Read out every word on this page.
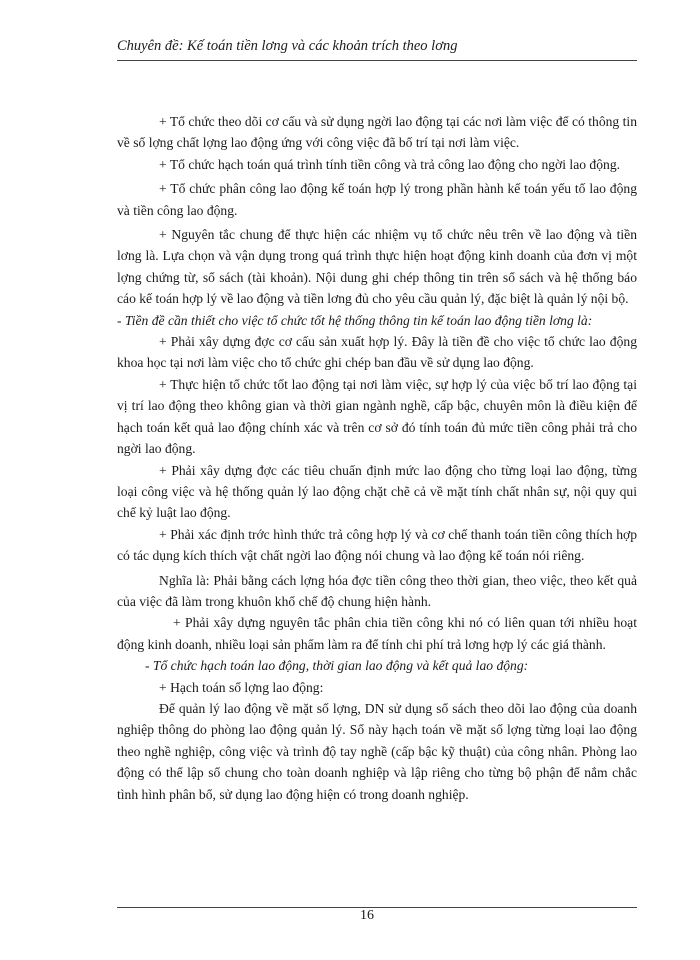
Chuyên đề: Kế toán tiền lơng và các khoản trích theo lơng

+ Tổ chức theo dõi cơ cấu và sử dụng ngời lao động tại các nơi làm việc để có thông tin về số lợng chất lợng lao động ứng với công việc đã bố trí tại nơi làm việc.

+ Tổ chức hạch toán quá trình tính tiền công và trả công lao động cho ngời lao động.

+ Tổ chức phân công lao động kế toán hợp lý trong phần hành kế toán yếu tố lao động và tiền công lao động.

+ Nguyên tắc chung để thực hiện các nhiệm vụ tổ chức nêu trên về lao động và tiền lơng là. Lựa chọn và vận dụng trong quá trình thực hiện hoạt động kinh doanh của đơn vị một lợng chứng từ, sổ sách (tài khoản). Nội dung ghi chép thông tin trên sổ sách và hệ thống báo cáo kế toán hợp lý về lao động và tiền lơng đủ cho yêu cầu quản lý, đặc biệt là quản lý nội bộ.

- Tiền đề cần thiết cho việc tổ chức tốt hệ thống thông tin kế toán lao động tiền lơng là:

+ Phải xây dựng đợc cơ cấu sản xuất hợp lý. Đây là tiền đề cho việc tổ chức lao động khoa học tại nơi làm việc cho tổ chức ghi chép ban đầu về sử dụng lao động.

+ Thực hiện tổ chức tốt lao động tại nơi làm việc, sự hợp lý của việc bố trí lao động tại vị trí lao động theo không gian và thời gian ngành nghề, cấp bậc, chuyên môn là điều kiện để hạch toán kết quả lao động chính xác và trên cơ sở đó tính toán đủ mức tiền công phải trả cho ngời lao động.

+ Phải xây dựng đợc các tiêu chuẩn định mức lao động cho từng loại lao động, từng loại công việc và hệ thống quản lý lao động chặt chẽ cả về mặt tính chất nhân sự, nội quy qui chế kỷ luật lao động.

+ Phải xác định trớc hình thức trả công hợp lý và cơ chế thanh toán tiền công thích hợp có tác dụng kích thích vật chất ngời lao động nói chung và lao động kế toán nói riêng.

Nghĩa là: Phải bằng cách lợng hóa đợc tiền công theo thời gian, theo việc, theo kết quả của việc đã làm trong khuôn khổ chế độ chung hiện hành.

+ Phải xây dựng nguyên tắc phân chia tiền công khi nó có liên quan tới nhiều hoạt động kinh doanh, nhiều loại sản phẩm làm ra để tính chi phí trả lơng hợp lý các giá thành.

- Tổ chức hạch toán lao động, thời gian lao động và kết quả lao động:

+ Hạch toán số lợng lao động:

Để quản lý lao động về mặt số lợng, DN sử dụng sổ sách theo dõi lao động của doanh nghiệp thông do phòng lao động quản lý. Sổ này hạch toán về mặt số lợng từng loại lao động theo nghề nghiệp, công việc và trình độ tay nghề (cấp bậc kỹ thuật) của công nhân. Phòng lao động có thể lập sổ chung cho toàn doanh nghiệp và lập riêng cho từng bộ phận để nắm chắc tình hình phân bổ, sử dụng lao động hiện có trong doanh nghiệp.

16
